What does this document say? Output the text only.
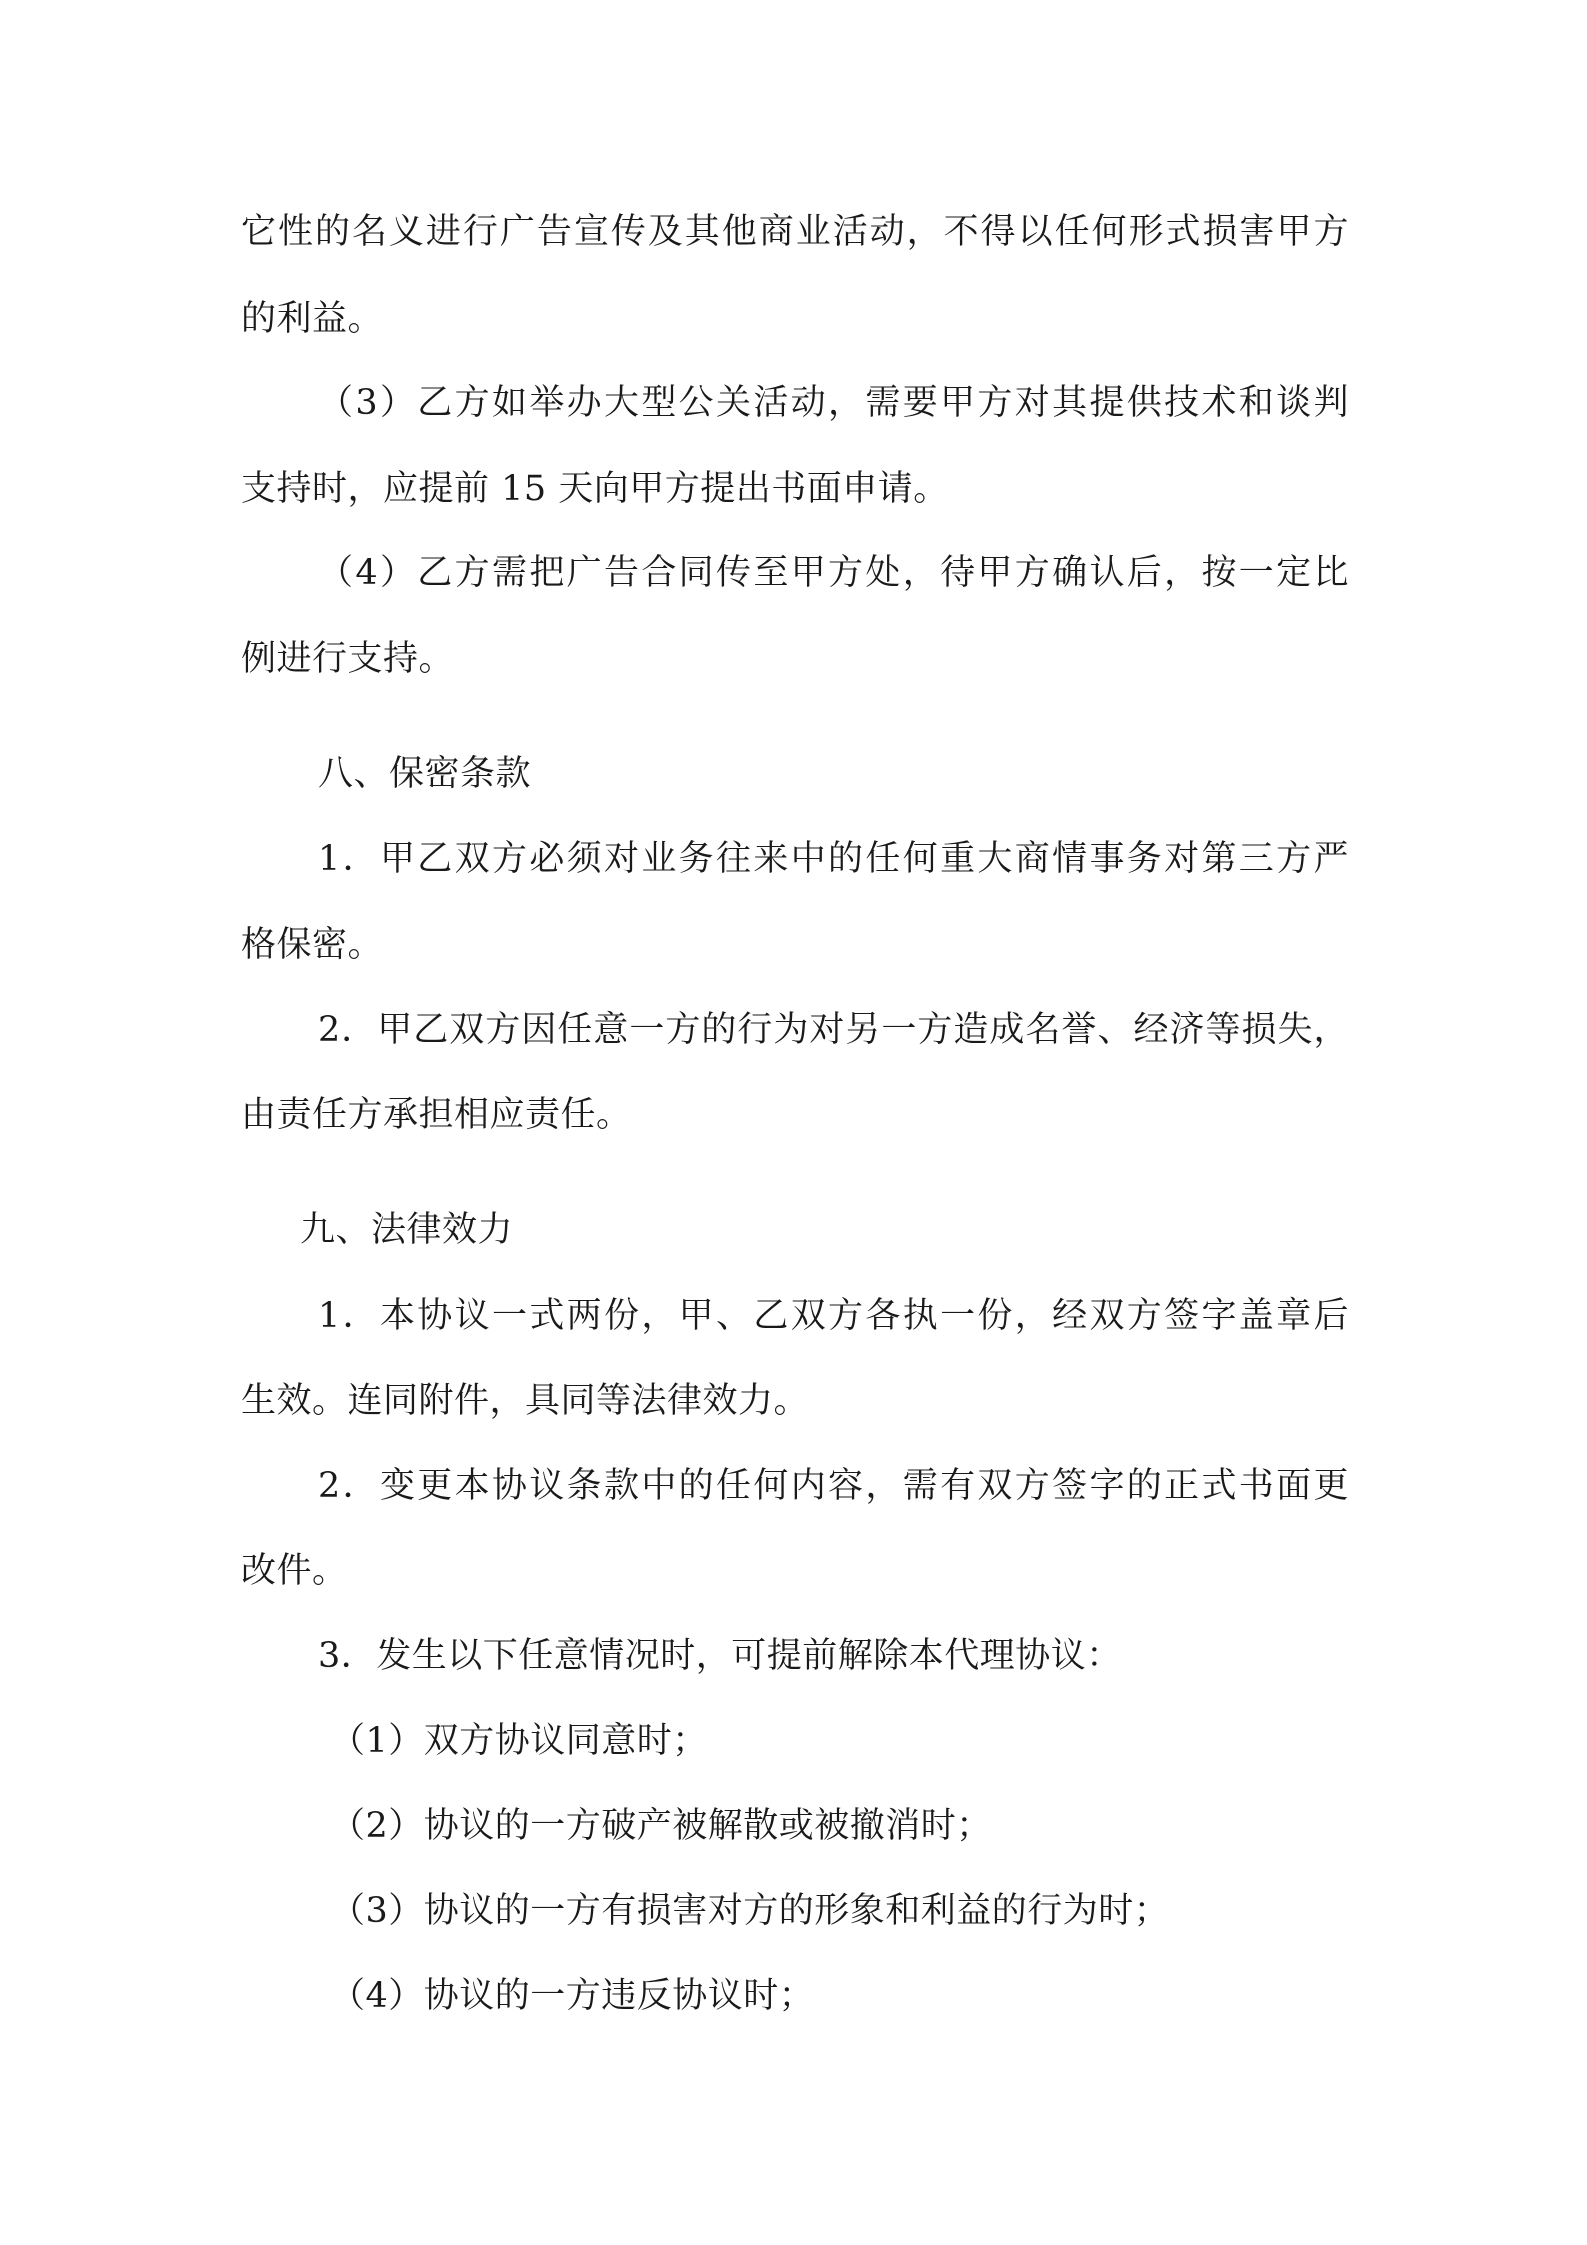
它性的名义进行广告宣传及其他商业活动，不得以任何形式损害甲方

的利益。

（3）乙方如举办大型公关活动，需要甲方对其提供技术和谈判

支持时，应提前 15 天向甲方提出书面申请。

（4）乙方需把广告合同传至甲方处，待甲方确认后，按一定比

例进行支持。

八、保密条款

1．甲乙双方必须对业务往来中的任何重大商情事务对第三方严

格保密。

2．甲乙双方因任意一方的行为对另一方造成名誉、经济等损失，

由责任方承担相应责任。

九、法律效力

1．本协议一式两份，甲、乙双方各执一份，经双方签字盖章后

生效。连同附件，具同等法律效力。

2．变更本协议条款中的任何内容，需有双方签字的正式书面更

改件。

3．发生以下任意情况时，可提前解除本代理协议：

（1）双方协议同意时；

（2）协议的一方破产被解散或被撤消时；

（3）协议的一方有损害对方的形象和利益的行为时；

（4）协议的一方违反协议时；
